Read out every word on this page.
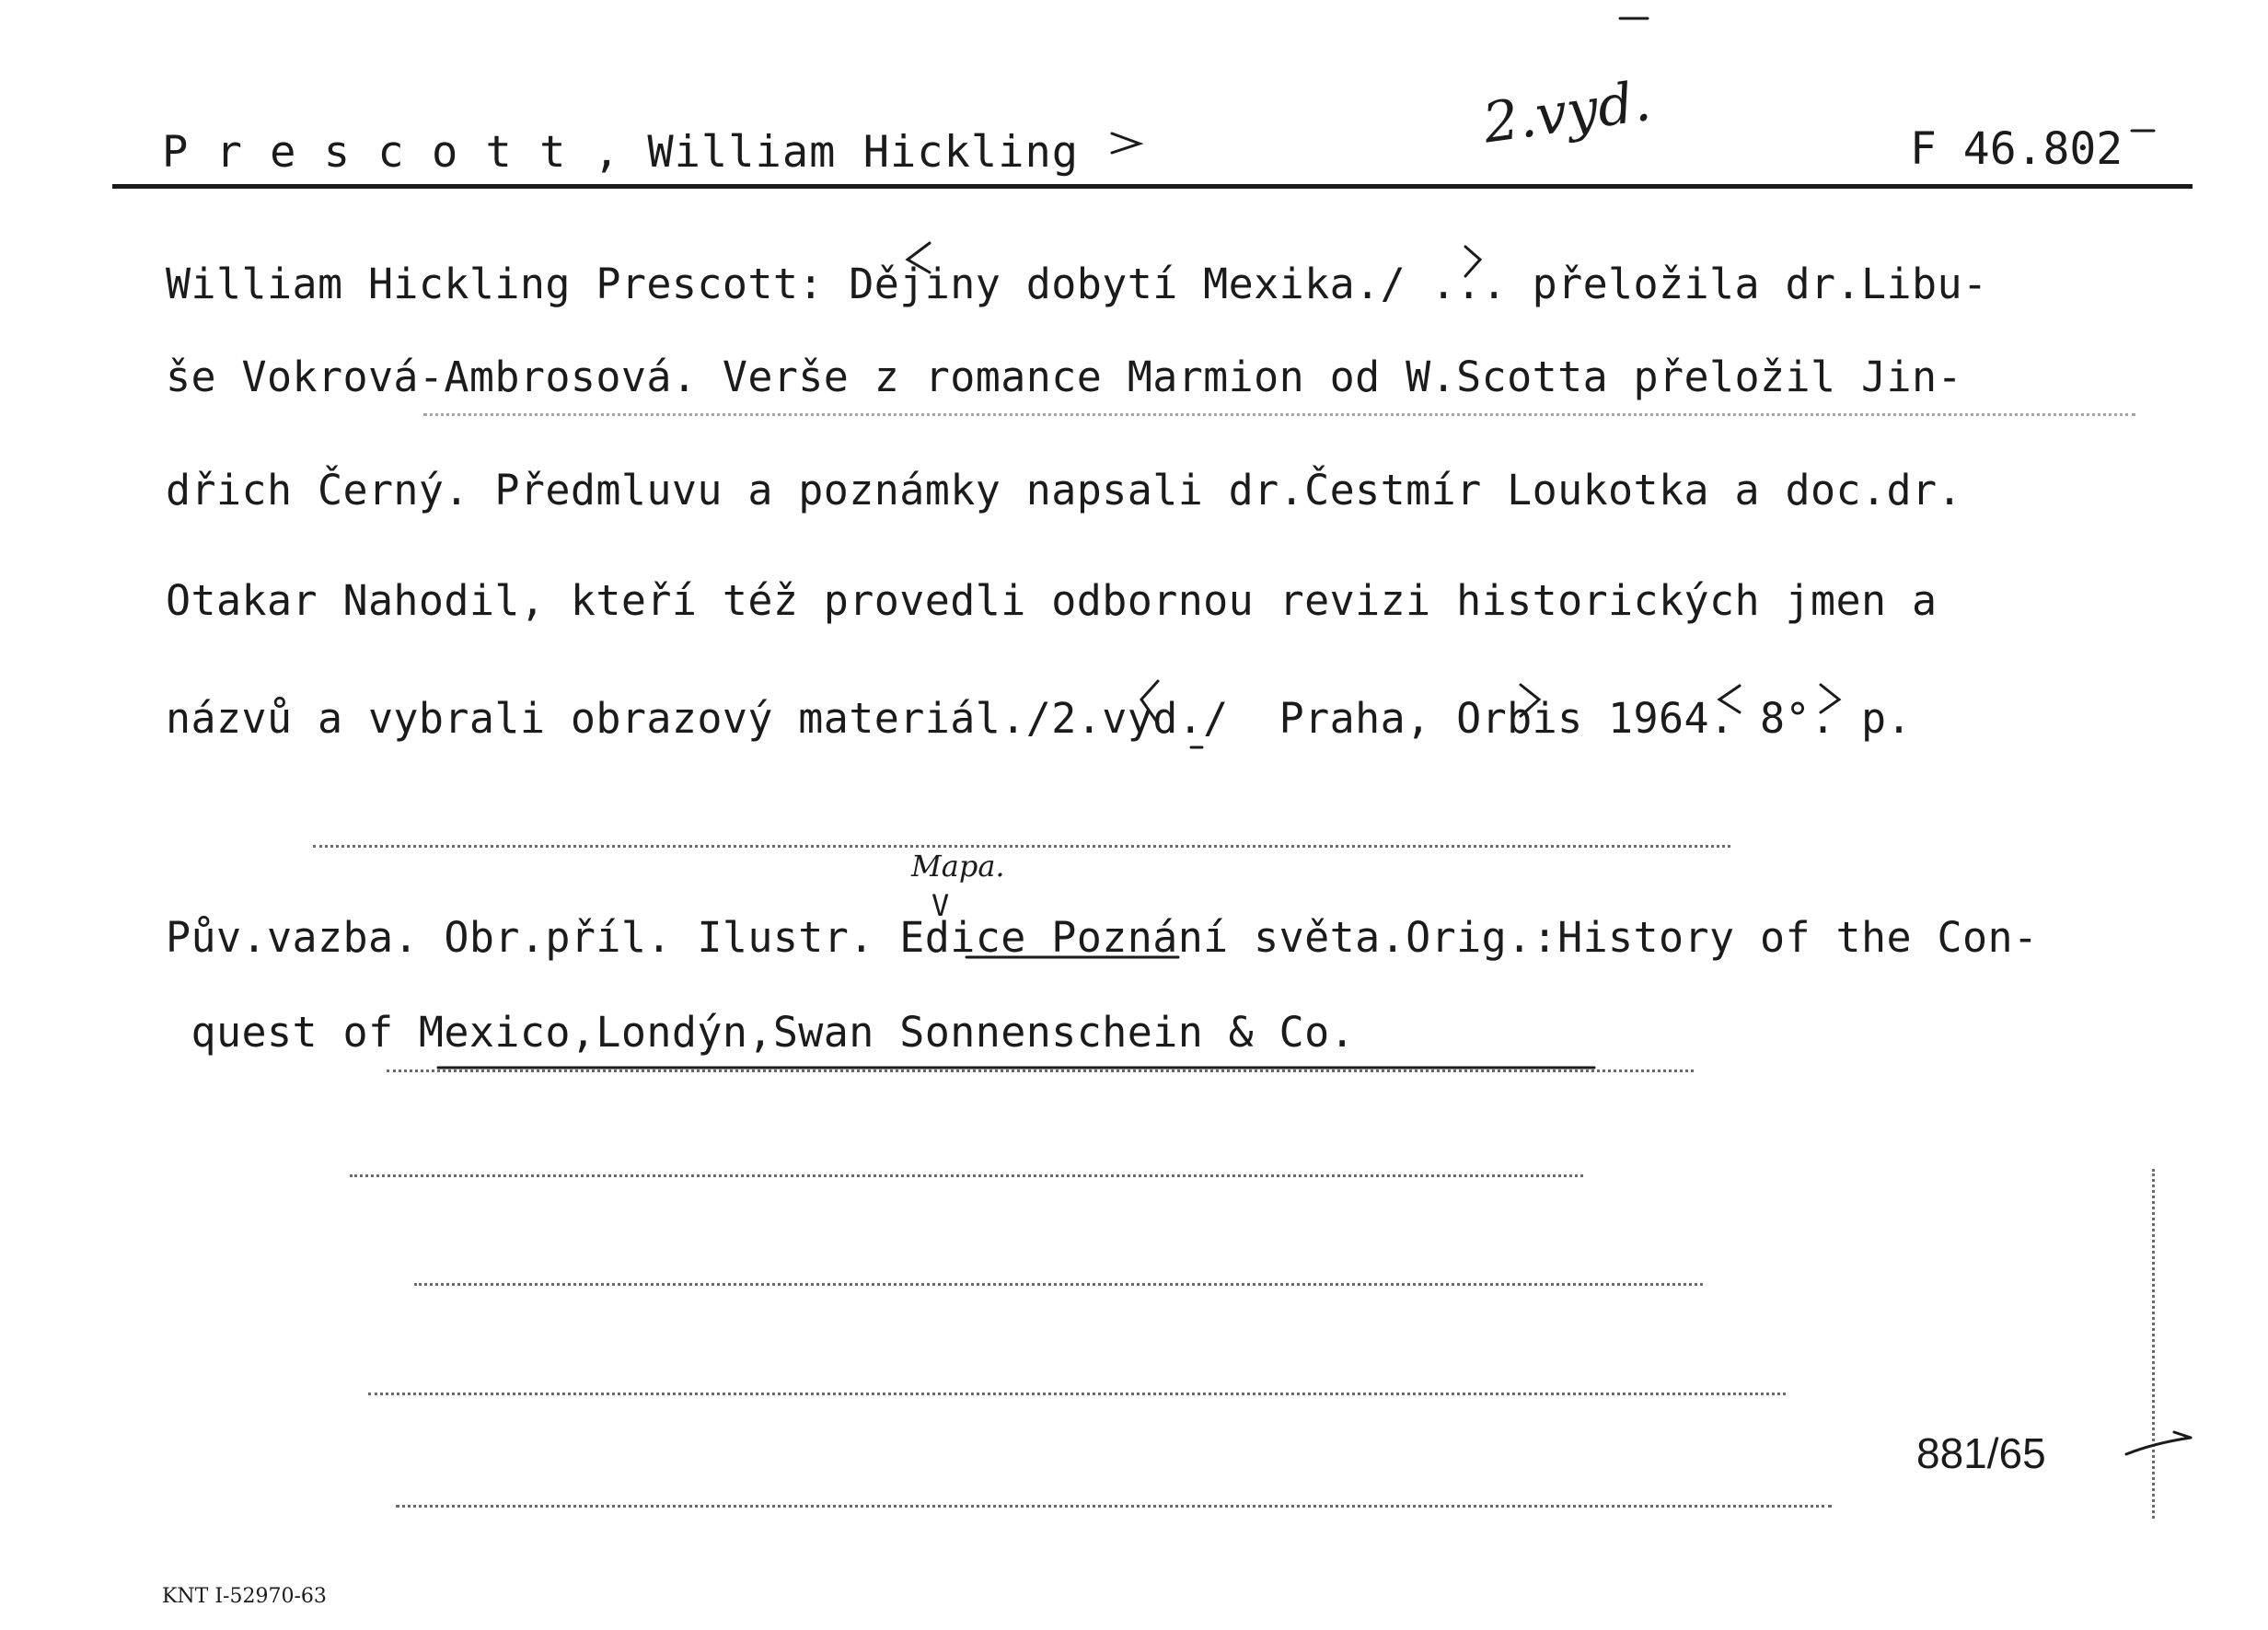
P r e s c o t t , William Hickling	2.vyd.	F 46.802
William Hickling Prescott: Dějiny dobytí Mexika./ ... přeložila dr.Libu-
še Vokrová-Ambrosová. Verše z romance Marmion od W.Scotta přeložil Jin-
dřich Černý. Předmluvu a poznámky napsali dr.Čestmír Loukotka a doc.dr.
Otakar Nahodil, kteří též provedli odbornou revizi historických jmen a
názvů a vybrali obrazový materiál./2.vyd./  Praha, Orbis 1964. 8°. p.
Mapa.
V
Pův.vazba. Obr.příl. Ilustr. Edice Poznání světa.Orig.:History of the Con-
quest of Mexico,Londýn,Swan Sonnenschein & Co.
881/65
KNT I-52970-63
